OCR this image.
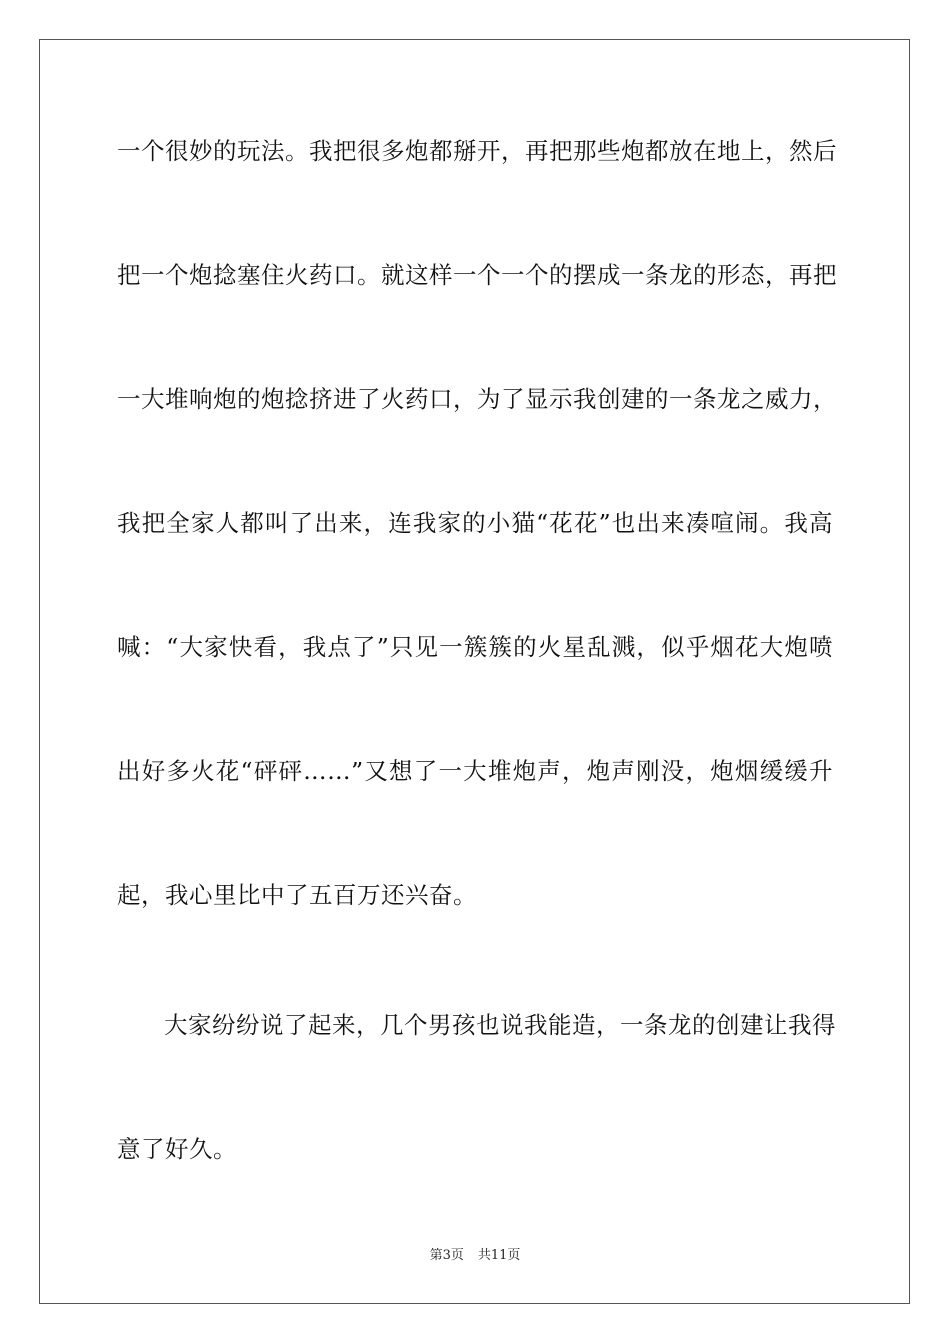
一个很妙的玩法。我把很多炮都掰开，再把那些炮都放在地上，然后
把一个炮捻塞住火药口。就这样一个一个的摆成一条龙的形态，再把
一大堆响炮的炮捻挤进了火药口，为了显示我创建的一条龙之威力，
我把全家人都叫了出来，连我家的小猫“花花”也出来凑喧闹。我高
喊：“大家快看，我点了”只见一簇簇的火星乱溅，似乎烟花大炮喷
出好多火花“砰砰……”又想了一大堆炮声，炮声刚没，炮烟缓缓升
起，我心里比中了五百万还兴奋。
大家纷纷说了起来，几个男孩也说我能造，一条龙的创建让我得
意了好久。
第3页 共11页
